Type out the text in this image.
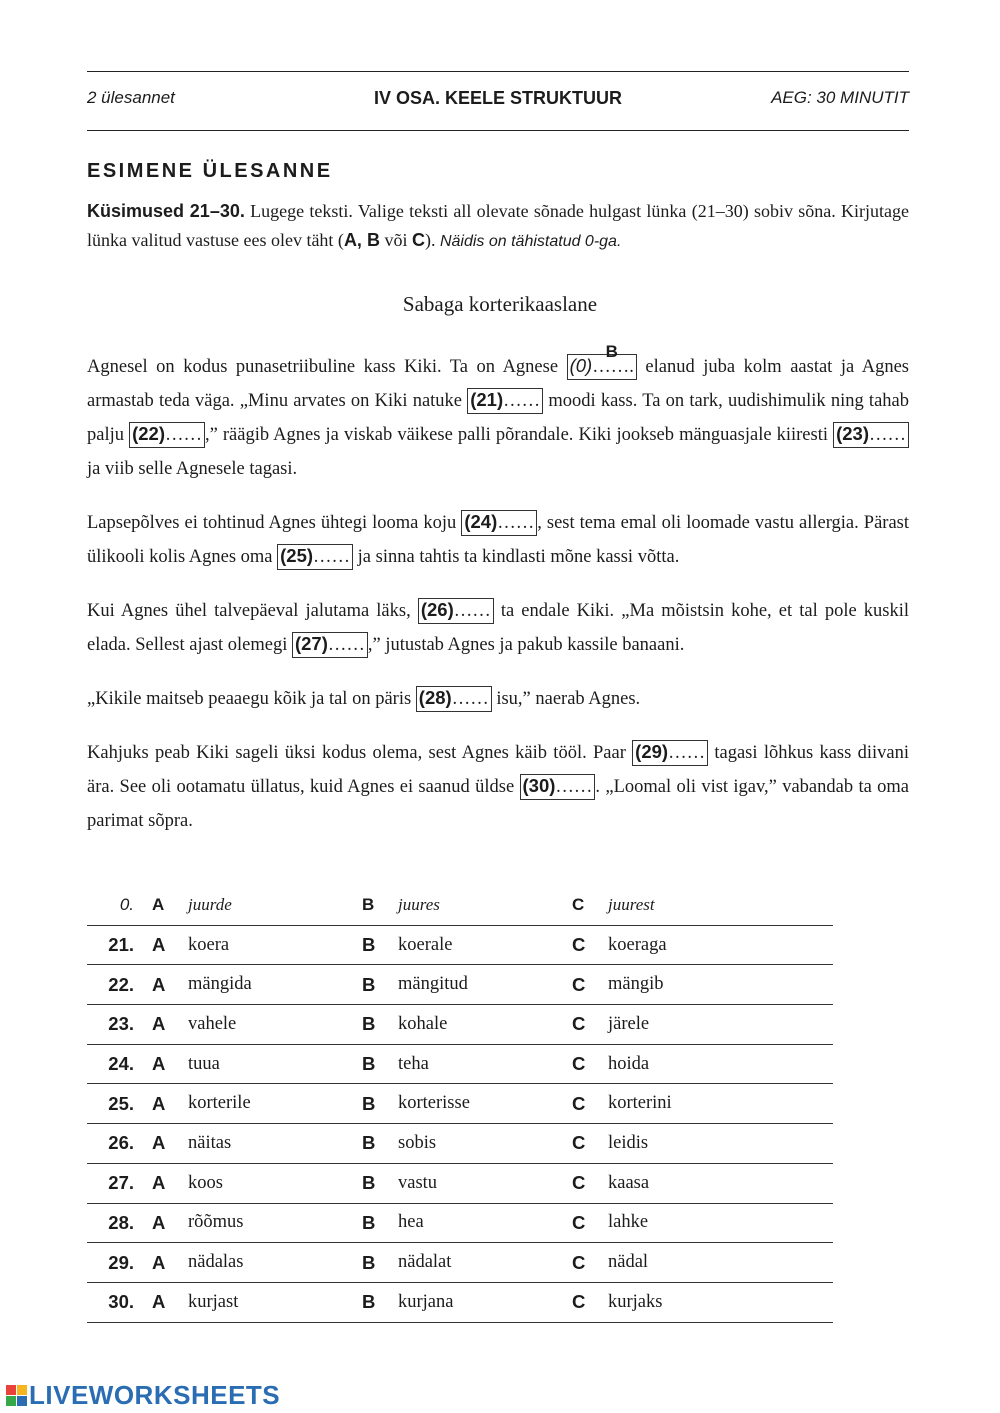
2 ülesannet	IV OSA. KEELE STRUKTUUR	AEG: 30 MINUTIT
ESIMENE ÜLESANNE
Küsimused 21–30. Lugege teksti. Valige teksti all olevate sõnade hulgast lünka (21–30) sobiv sõna. Kirjutage lünka valitud vastuse ees olev täht (A, B või C). Näidis on tähistatud 0-ga.
Sabaga korterikaaslane
Agnesel on kodus punasetriibuline kass Kiki. Ta on Agnese (0)…….
B
elanud juba kolm aastat ja Agnes armastab teda väga. „Minu arvates on Kiki natuke (21)…… moodi kass. Ta on tark, uudishimulik ning tahab palju (22)…… ,” räägib Agnes ja viskab väikese palli põrandale. Kiki jookseb mänguasjale kiiresti (23)…… ja viib selle Agnesele tagasi.
Lapsepõlves ei tohtinud Agnes ühtegi looma koju (24)…… , sest tema emal oli loomade vastu allergia. Pärast ülikooli kolis Agnes oma (25)…… ja sinna tahtis ta kindlasti mõne kassi võtta.
Kui Agnes ühel talvepäeval jalutama läks, (26)…… ta endale Kiki. „Ma mõistsin kohe, et tal pole kuskil elada. Sellest ajast olemegi (27)…… ,” jutustab Agnes ja pakub kassile banaani.
„Kikile maitseb peaaegu kõik ja tal on päris (28)…… isu,” naerab Agnes.
Kahjuks peab Kiki sageli üksi kodus olema, sest Agnes käib tööl. Paar (29)…… tagasi lõhkus kass diivani ära. See oli ootamatu üllatus, kuid Agnes ei saanud üldse (30)…… . „Loomal oli vist igav,” vabandab ta oma parimat sõpra.
0.	A	juurde	B	juures	C	juurest
21.	A	koera	B	koerale	C	koeraga
22.	A	mängida	B	mängitud	C	mängib
23.	A	vahele	B	kohale	C	järele
24.	A	tuua	B	teha	C	hoida
25.	A	korterile	B	korterisse	C	korterini
26.	A	näitas	B	sobis	C	leidis
27.	A	koos	B	vastu	C	kaasa
28.	A	rõõmus	B	hea	C	lahke
29.	A	nädalas	B	nädalat	C	nädal
30.	A	kurjast	B	kurjana	C	kurjaks
LIVEWORKSHEETS
